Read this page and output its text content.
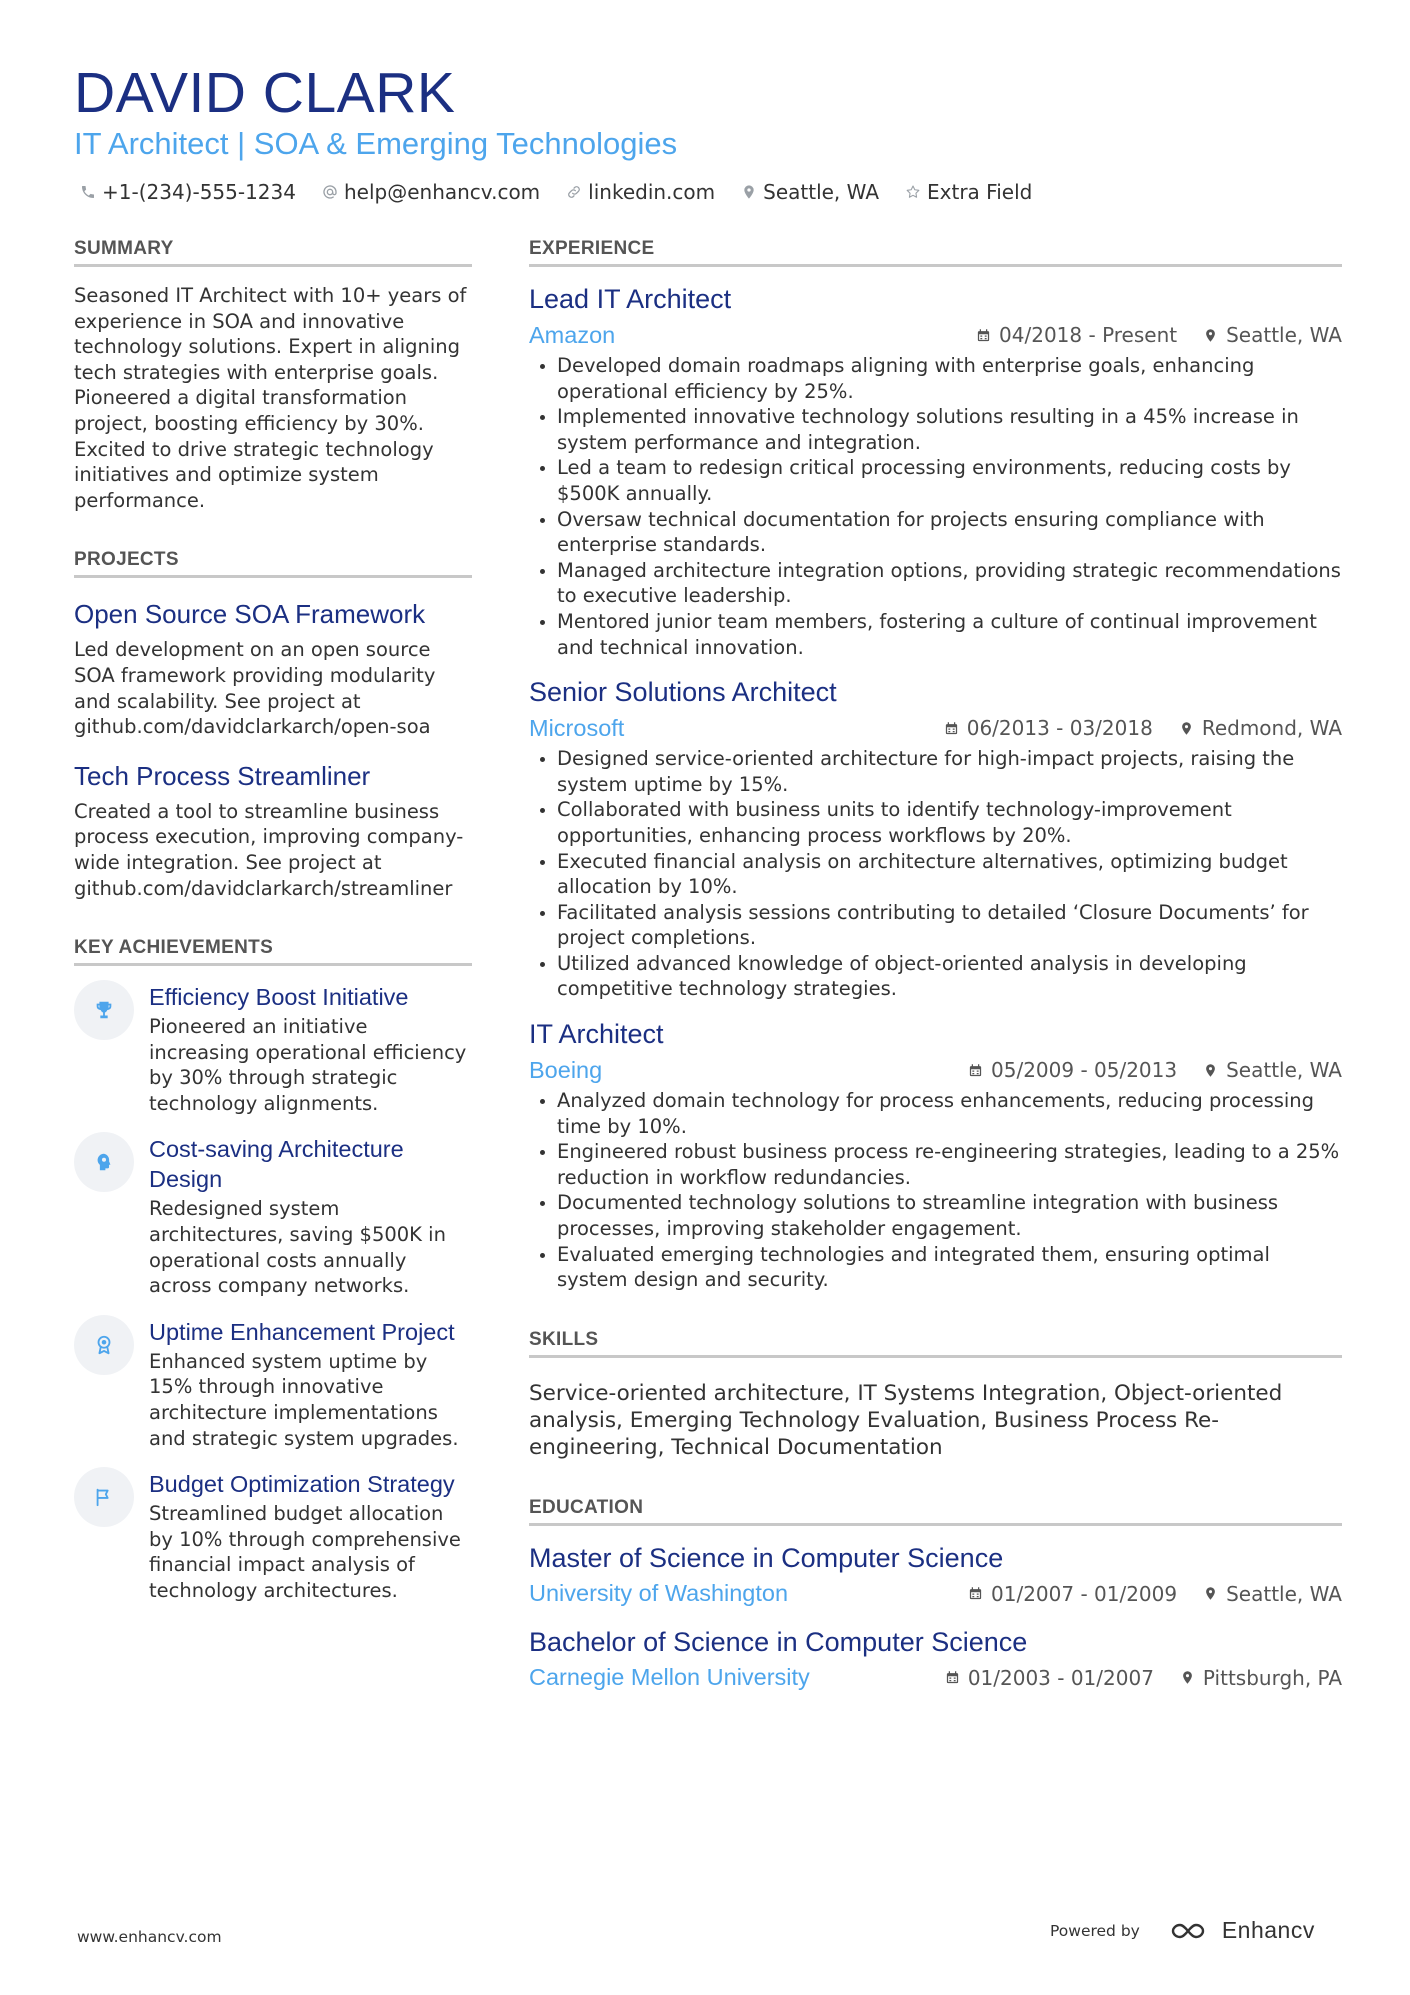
DAVID CLARK
IT Architect | SOA & Emerging Technologies
+1-(234)-555-1234 help@enhancv.com linkedin.com Seattle, WA Extra Field
SUMMARY
Seasoned IT Architect with 10+ years of experience in SOA and innovative technology solutions. Expert in aligning tech strategies with enterprise goals. Pioneered a digital transformation project, boosting efficiency by 30%. Excited to drive strategic technology initiatives and optimize system performance.
PROJECTS
Open Source SOA Framework
Led development on an open source SOA framework providing modularity and scalability. See project at github.com/davidclarkarch/open-soa
Tech Process Streamliner
Created a tool to streamline business process execution, improving company-wide integration. See project at github.com/davidclarkarch/streamliner
KEY ACHIEVEMENTS
Efficiency Boost Initiative
Pioneered an initiative increasing operational efficiency by 30% through strategic technology alignments.
Cost-saving Architecture Design
Redesigned system architectures, saving $500K in operational costs annually across company networks.
Uptime Enhancement Project
Enhanced system uptime by 15% through innovative architecture implementations and strategic system upgrades.
Budget Optimization Strategy
Streamlined budget allocation by 10% through comprehensive financial impact analysis of technology architectures.
EXPERIENCE
Lead IT Architect
Amazon	04/2018 - Present Seattle, WA
Developed domain roadmaps aligning with enterprise goals, enhancing operational efficiency by 25%.
Implemented innovative technology solutions resulting in a 45% increase in system performance and integration.
Led a team to redesign critical processing environments, reducing costs by $500K annually.
Oversaw technical documentation for projects ensuring compliance with enterprise standards.
Managed architecture integration options, providing strategic recommendations to executive leadership.
Mentored junior team members, fostering a culture of continual improvement and technical innovation.
Senior Solutions Architect
Microsoft	06/2013 - 03/2018 Redmond, WA
Designed service-oriented architecture for high-impact projects, raising the system uptime by 15%.
Collaborated with business units to identify technology-improvement opportunities, enhancing process workflows by 20%.
Executed financial analysis on architecture alternatives, optimizing budget allocation by 10%.
Facilitated analysis sessions contributing to detailed ‘Closure Documents’ for project completions.
Utilized advanced knowledge of object-oriented analysis in developing competitive technology strategies.
IT Architect
Boeing	05/2009 - 05/2013 Seattle, WA
Analyzed domain technology for process enhancements, reducing processing time by 10%.
Engineered robust business process re-engineering strategies, leading to a 25% reduction in workflow redundancies.
Documented technology solutions to streamline integration with business processes, improving stakeholder engagement.
Evaluated emerging technologies and integrated them, ensuring optimal system design and security.
SKILLS
Service-oriented architecture, IT Systems Integration, Object-oriented analysis, Emerging Technology Evaluation, Business Process Re-engineering, Technical Documentation
EDUCATION
Master of Science in Computer Science
University of Washington	01/2007 - 01/2009 Seattle, WA
Bachelor of Science in Computer Science
Carnegie Mellon University	01/2003 - 01/2007 Pittsburgh, PA
www.enhancv.com	Powered by	Enhancv
